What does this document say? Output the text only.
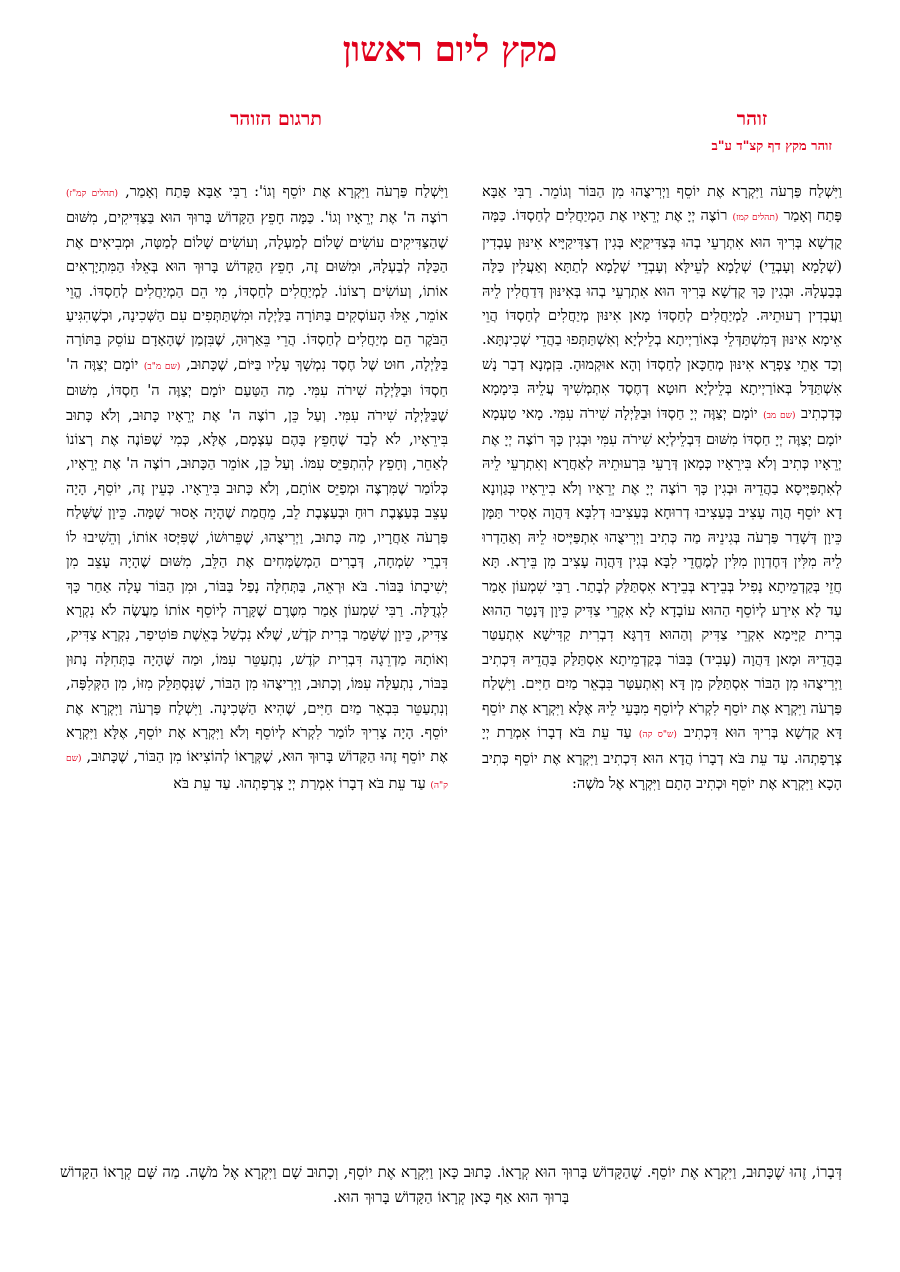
מקץ ליום ראשון
זוהר
תרגום הזוהר
זוהר מקץ דף קצ"ד ע"ב
וַיִּשְׁלַח פַּרְעֹה וַיִּקְרָא אֶת יוֹסֵף וַיְרִיצֻהוּ מִן הַבּוֹר וְגוֹמֵר. רַבִּי אַבָּא פָּתַח וְאָמַר (תהלים קמז) רוֹצֶה יְיָ אֶת יְרֵאָיו אֶת הַמְיַחֲלִים לְחַסְדּוֹ. כַּמָּה קֻדְשָׁא בְּרִיךְ הוּא אִתְרְעֵי בְהוּ בְּצַדִּיקַיָּא בְּגִין דְצַדִּיקַיָּיא אִינּוּן עָבְדִין (שְׁלָמָא וְעָבְדֵי) שְׁלָמָא לְעֵילָּא וְעָבְדֵי שְׁלָמָא לְתַתָּא וְאַעֲלִין כַּלָּה בְּבַעְלָהּ. וּבְגִין כָּךְ קֻדְשָׁא בְּרִיךְ הוּא אִתְרְעֵי בְהוּ בְּאִינּוּן דְּדַחֲלִין לֵיהּ וַעֲבְדִין רְעוּתֵיהּ. לַמְיַחֲלִים לְחַסְדּוֹ מָאן אִינּוּן מְיַחֲלִים לְחַסְדּוֹ הֲוֵי אֵימָא אִינּוּן דְּמִשְׁתַּדְּלֵי בְּאוֹרַיְיתָא בְלֵילְיָא וְאִשְׁתַּתְּפוּ בַהֲדֵי שְׁכִינְתָּא. וְכַד אָתֵי צַפְרָא אִינּוּן מְחַכָּאן לְחַסְדּוֹ וְהָא אוּקְמוּהָ. בִּזְמְנָא דְבַר נָשׁ אִשְׁתַּדַּל בְּאוֹרַיְיתָא בְּלֵילְיָא חוּטָא דְחֶסֶד אִתְמְשִׁיךְ עֲלֵיהּ בִּימָמָא כְּדִכְתִיב (שם מב) יוֹמָם יְצַוֶּה יְיָ חַסְדּוֹ וּבַלַּיְלָה שִׁירֹה עִמִּי. מָאי טַעְמָא יוֹמָם יְצַוֶּה יְיָ חַסְדּוֹ מִשּׁוּם דִּבְלֵילְיָא שִׁירֹה עִמִּי וּבְגִין כָּךְ רוֹצֶה יְיָ אֶת יְרֵאָיו כְּתִיב וְלֹא בִּירֵאָיו כְּמָאן דְּרָעֵי בִּרְעוּתֵיהּ לְאַחֲרָא וְאִתְרְעֵי לֵיהּ לְאִתְפַּיְּיסָא בַהֲדֵיהּ וּבְגִין כָּךְ רוֹצֶה יְיָ אֶת יְרֵאָיו וְלֹא בִירֵאָיו כְּגַוְונָא דָא יוֹסֵף הֲוָה עָצִיב בְּעַצִיבוּ דְרוּחָא בְּעַצִיבוּ דְלִבָּא דַּהֲוָה אָסִיר תַּמָּן כֵּיוָן דְּשָׁדַר פַּרְעֹה בְּגִינֵיהּ מַה כְּתִיב וַיְרִיצֻהוּ אִתְפַּיְּיסוּ לֵיהּ וְאַהַדְרוּ לֵיהּ מִלִּין דְּחֶדְוָון מִלִּין לְמֶחֱדֵי לִבָּא בְּגִין דַּהֲוָה עָצִיב מִן בֵּירָא. תָּא חֲזֵי בְּקַדְמֵיתָא נָפִיל בְּבֵירָא בְּבֵירָא אִסְתַּלַּק לְבָתַר. רַבִּי שִׁמְעוֹן אָמַר עַד לָא אִירַע לְיוֹסֵף הַהוּא עוֹבָדָא לָא אִקְרֵי צַדִּיק כֵּיוָן דְּנָטַר הַהוּא בְּרִית קַיָּימָא אִקְרֵי צַדִּיק וְהַהוּא דַּרְגָּא דִבְרִית קַדִּישָׁא אִתְעַטַּר בַּהֲדֵיהּ וּמָאן דַּהֲוָה (עָבִיד) בַּבּוֹר בְּקַדְמֵיתָא אִסְתַּלַּק בַּהֲדֵיהּ דִּכְתִיב וַיְרִיצֻהוּ מִן הַבּוֹר אִסְתַּלַּק מִן דָּא וְאִתְעַטַּר בִּבְאֵר מַיִם חַיִּים. וַיִּשְׁלַח פַּרְעֹה וַיִּקְרָא אֶת יוֹסֵף לִקְרֹא לְיוֹסֵף מִבָּעֵי לֵיהּ אֶלָּא וַיִּקְרָא אֶת יוֹסֵף דָּא קֻדְשָׁא בְּרִיךְ הוּא דִּכְתִיב (ש"ס קה) עַד עֵת בֹּא דְבָרוֹ אִמְרַת יְיָ צְרָפָתְהוּ. עַד עֵת בֹּא דְבָרוֹ הֲדָא הוּא דִּכְתִיב וַיִּקְרָא אֶת יוֹסֵף כְּתִיב הָכָא וַיִּקְרָא אֶת יוֹסֵף וּכְתִיב הָתָם וַיִּקְרָא אֶל מֹשֶׁה:
וַיִּשְׁלַח פַּרְעֹה וַיִּקְרָא אֶת יוֹסֵף וְגוֹ': רַבִּי אַבָּא פָּתַח וְאָמַר, (תהלים קמ"ז) רוֹצֶה ה' אֶת יְרֵאָיו וְגוֹ'. כַּמָּה חָפֵץ הַקָּדוֹשׁ בָּרוּךְ הוּא בַּצַּדִּיקִים, מִשּׁוּם שֶׁהַצַּדִּיקִים עוֹשִׂים שָׁלוֹם לְמַעְלָה, וְעוֹשִׂים שָׁלוֹם לְמַטָּה, וּמְבִיאִים אֶת הַכַּלָּה לְבַעְלָהּ, וּמִשּׁוּם זֶה, חָפֵץ הַקָּדוֹשׁ בָּרוּךְ הוּא בְּאֵלּוּ הַמִּתְיָרְאִים אוֹתוֹ, וְעוֹשִׂים רְצוֹנוֹ. לַמְיַחֲלִים לְחַסְדּוֹ, מִי הֵם הַמְיַחֲלִים לְחַסְדּוֹ. הֱוֵי אוֹמֵר, אֵלּוּ הָעוֹסְקִים בַּתּוֹרָה בַּלַּיְלָה וּמִשְׁתַּתְּפִים עִם הַשְּׁכִינָה, וּכְשֶׁהִגִּיעַ הַבֹּקֶר הֵם מְיַחֲלִים לְחַסְדּוֹ. הֲרֵי בֵּאַרְוּהָ, שֶׁבִּזְמַן שֶׁהָאָדָם עוֹסֵק בַּתּוֹרָה בַּלַּיְלָה, חוּט שֶׁל חֶסֶד נִמְשָׁךְ עָלָיו בַּיּוֹם, שֶׁכָּתוּב, (שם מ"ב) יוֹמָם יְצַוֶּה ה' חַסְדּוֹ וּבַלַּיְלָה שִׁירֹה עִמִּי. מַה הַטַּעַם יוֹמָם יְצַוֶּה ה' חַסְדּוֹ, מִשּׁוּם שֶׁבַּלַּיְלָה שִׁירֹה עִמִּי. וְעַל כֵּן, רוֹצֶה ה' אֶת יְרֵאָיו כָּתוּב, וְלֹא כָּתוּב בִּירֵאָיו, לֹא לְבַד שֶׁחָפֵץ בָּהֶם עַצְמָם, אֶלָּא, כְּמִי שֶׁפּוֹנֶה אֶת רְצוֹנוֹ לְאַחֵר, וְחָפֵץ לְהִתְפַּיֵּס עִמּוֹ. וְעַל כֵּן, אוֹמֵר הַכָּתוּב, רוֹצֶה ה' אֶת יְרֵאָיו, כְּלוֹמַר שֶׁמִּרְצֶה וּמְפַיֵּס אוֹתָם, וְלֹא כָּתוּב בִּירֵאָיו. כְּעֵין זֶה, יוֹסֵף, הָיָה עָצֵב בְּעַצֶּבֶת רוּחַ וּבְעַצֶּבֶת לֵב, מֵחֲמַת שֶׁהָיָה אָסוּר שָׁמָּה. כֵּיוָן שֶׁשָּׁלַח פַּרְעֹה אַחֲרָיו, מַה כָּתוּב, וַיְרִיצֻהוּ, שֶׁפֵּרוּשׁוֹ, שֶׁפִּיְּסוּ אוֹתוֹ, וְהֵשִׁיבוּ לוֹ דִּבְרֵי שִׂמְחָה, דְּבָרִים הַמְשַׂמְּחִים אֶת הַלֵּב, מִשּׁוּם שֶׁהָיָה עָצֵב מִן יְשִׁיבָתוֹ בַּבּוֹר. בֹּא וּרְאֵה, בַּתְּחִלָּה נָפַל בַּבּוֹר, וּמִן הַבּוֹר עָלָה אַחַר כָּךְ לִגְדֻלָּה. רַבִּי שִׁמְעוֹן אָמַר מִטֶּרֶם שֶׁקָּרָה לְיוֹסֵף אוֹתוֹ מַעֲשֶׂה לֹא נִקְרָא צַדִּיק, כֵּיוָן שֶׁשָּׁמַר בְּרִית קֹדֶשׁ, שֶׁלֹּא נִכְשַׁל בְּאֵשֶׁת פּוֹטִיפַר, נִקְרָא צַדִּיק, וְאוֹתָהּ מַדְרֵגָה דִּבְרִית קֹדֶשׁ, נִתְעַטֵּר עִמּוֹ, וּמַה שֶּׁהָיָה בַּתְּחִלָּה נָתוּן בַּבּוֹר, נִתְעַלָּה עִמּוֹ, וְכָתוּב, וַיְרִיצֻהוּ מִן הַבּוֹר, שֶׁנִּסְתַּלֵּק מִזּוֹ, מִן הַקְּלִפָּה, וְנִתְעַטֵּר בִּבְאֵר מַיִם חַיִּים, שֶׁהִיא הַשְּׁכִינָה. וַיִּשְׁלַח פַּרְעֹה וַיִּקְרָא אֶת יוֹסֵף. הָיָה צָרִיךְ לוֹמַר לִקְרֹא לְיוֹסֵף וְלֹא וַיִּקְרָא אֶת יוֹסֵף, אֶלָּא וַיִּקְרָא אֶת יוֹסֵף זֶהוּ הַקָּדוֹשׁ בָּרוּךְ הוּא, שֶׁקְּרָאוֹ לְהוֹצִיאוֹ מִן הַבּוֹר, שֶׁכָּתוּב, (שם ק"ה) עַד עֵת בֹּא דְבָרוֹ אִמְרַת יְיָ צְרָפָתְהוּ. עַד עֵת בֹּא
דְּבָרוֹ, זֶהוּ שֶׁכָּתוּב, וַיִּקְרָא אֶת יוֹסֵף. שֶׁהַקָּדוֹשׁ בָּרוּךְ הוּא קְרָאוֹ. כָּתוּב כָּאן וַיִּקְרָא אֶת יוֹסֵף, וְכָתוּב שָׁם וַיִּקְרָא אֶל מֹשֶׁה. מַה שָּׁם קְרָאוֹ הַקָּדוֹשׁ בָּרוּךְ הוּא אַף כָּאן קְרָאוֹ הַקָּדוֹשׁ בָּרוּךְ הוּא.
